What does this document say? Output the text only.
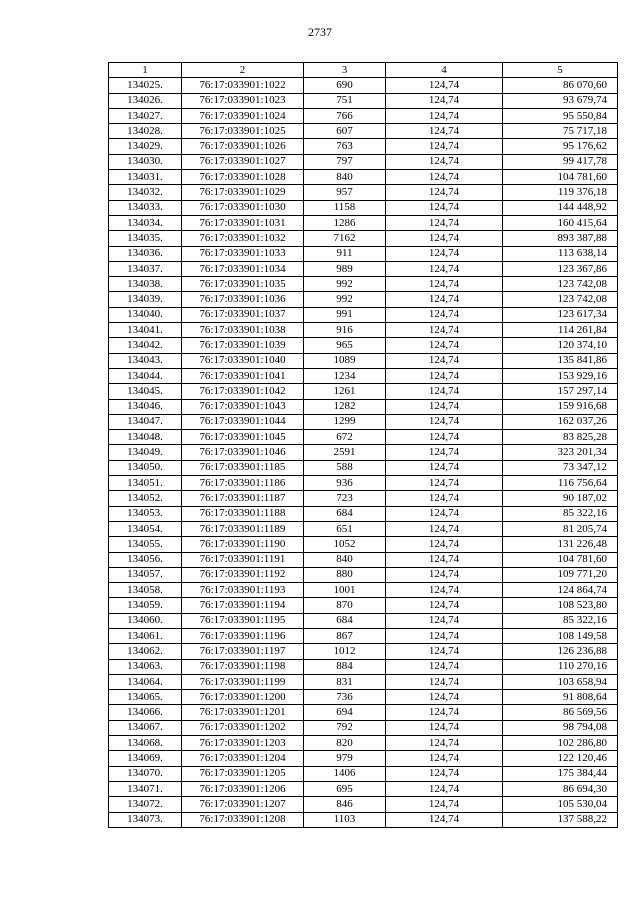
2737
1	2	3	4	5
134025.	76:17:033901:1022	690	124,74	86 070,60
134026.	76:17:033901:1023	751	124,74	93 679,74
134027.	76:17:033901:1024	766	124,74	95 550,84
134028.	76:17:033901:1025	607	124,74	75 717,18
134029.	76:17:033901:1026	763	124,74	95 176,62
134030.	76:17:033901:1027	797	124,74	99 417,78
134031.	76:17:033901:1028	840	124,74	104 781,60
134032.	76:17:033901:1029	957	124,74	119 376,18
134033.	76:17:033901:1030	1158	124,74	144 448,92
134034.	76:17:033901:1031	1286	124,74	160 415,64
134035.	76:17:033901:1032	7162	124,74	893 387,88
134036.	76:17:033901:1033	911	124,74	113 638,14
134037.	76:17:033901:1034	989	124,74	123 367,86
134038.	76:17:033901:1035	992	124,74	123 742,08
134039.	76:17:033901:1036	992	124,74	123 742,08
134040.	76:17:033901:1037	991	124,74	123 617,34
134041.	76:17:033901:1038	916	124,74	114 261,84
134042.	76:17:033901:1039	965	124,74	120 374,10
134043.	76:17:033901:1040	1089	124,74	135 841,86
134044.	76:17:033901:1041	1234	124,74	153 929,16
134045.	76:17:033901:1042	1261	124,74	157 297,14
134046.	76:17:033901:1043	1282	124,74	159 916,68
134047.	76:17:033901:1044	1299	124,74	162 037,26
134048.	76:17:033901:1045	672	124,74	83 825,28
134049.	76:17:033901:1046	2591	124,74	323 201,34
134050.	76:17:033901:1185	588	124,74	73 347,12
134051.	76:17:033901:1186	936	124,74	116 756,64
134052.	76:17:033901:1187	723	124,74	90 187,02
134053.	76:17:033901:1188	684	124,74	85 322,16
134054.	76:17:033901:1189	651	124,74	81 205,74
134055.	76:17:033901:1190	1052	124,74	131 226,48
134056.	76:17:033901:1191	840	124,74	104 781,60
134057.	76:17:033901:1192	880	124,74	109 771,20
134058.	76:17:033901:1193	1001	124,74	124 864,74
134059.	76:17:033901:1194	870	124,74	108 523,80
134060.	76:17:033901:1195	684	124,74	85 322,16
134061.	76:17:033901:1196	867	124,74	108 149,58
134062.	76:17:033901:1197	1012	124,74	126 236,88
134063.	76:17:033901:1198	884	124,74	110 270,16
134064.	76:17:033901:1199	831	124,74	103 658,94
134065.	76:17:033901:1200	736	124,74	91 808,64
134066.	76:17:033901:1201	694	124,74	86 569,56
134067.	76:17:033901:1202	792	124,74	98 794,08
134068.	76:17:033901:1203	820	124,74	102 286,80
134069.	76:17:033901:1204	979	124,74	122 120,46
134070.	76:17:033901:1205	1406	124,74	175 384,44
134071.	76:17:033901:1206	695	124,74	86 694,30
134072.	76:17:033901:1207	846	124,74	105 530,04
134073.	76:17:033901:1208	1103	124,74	137 588,22
